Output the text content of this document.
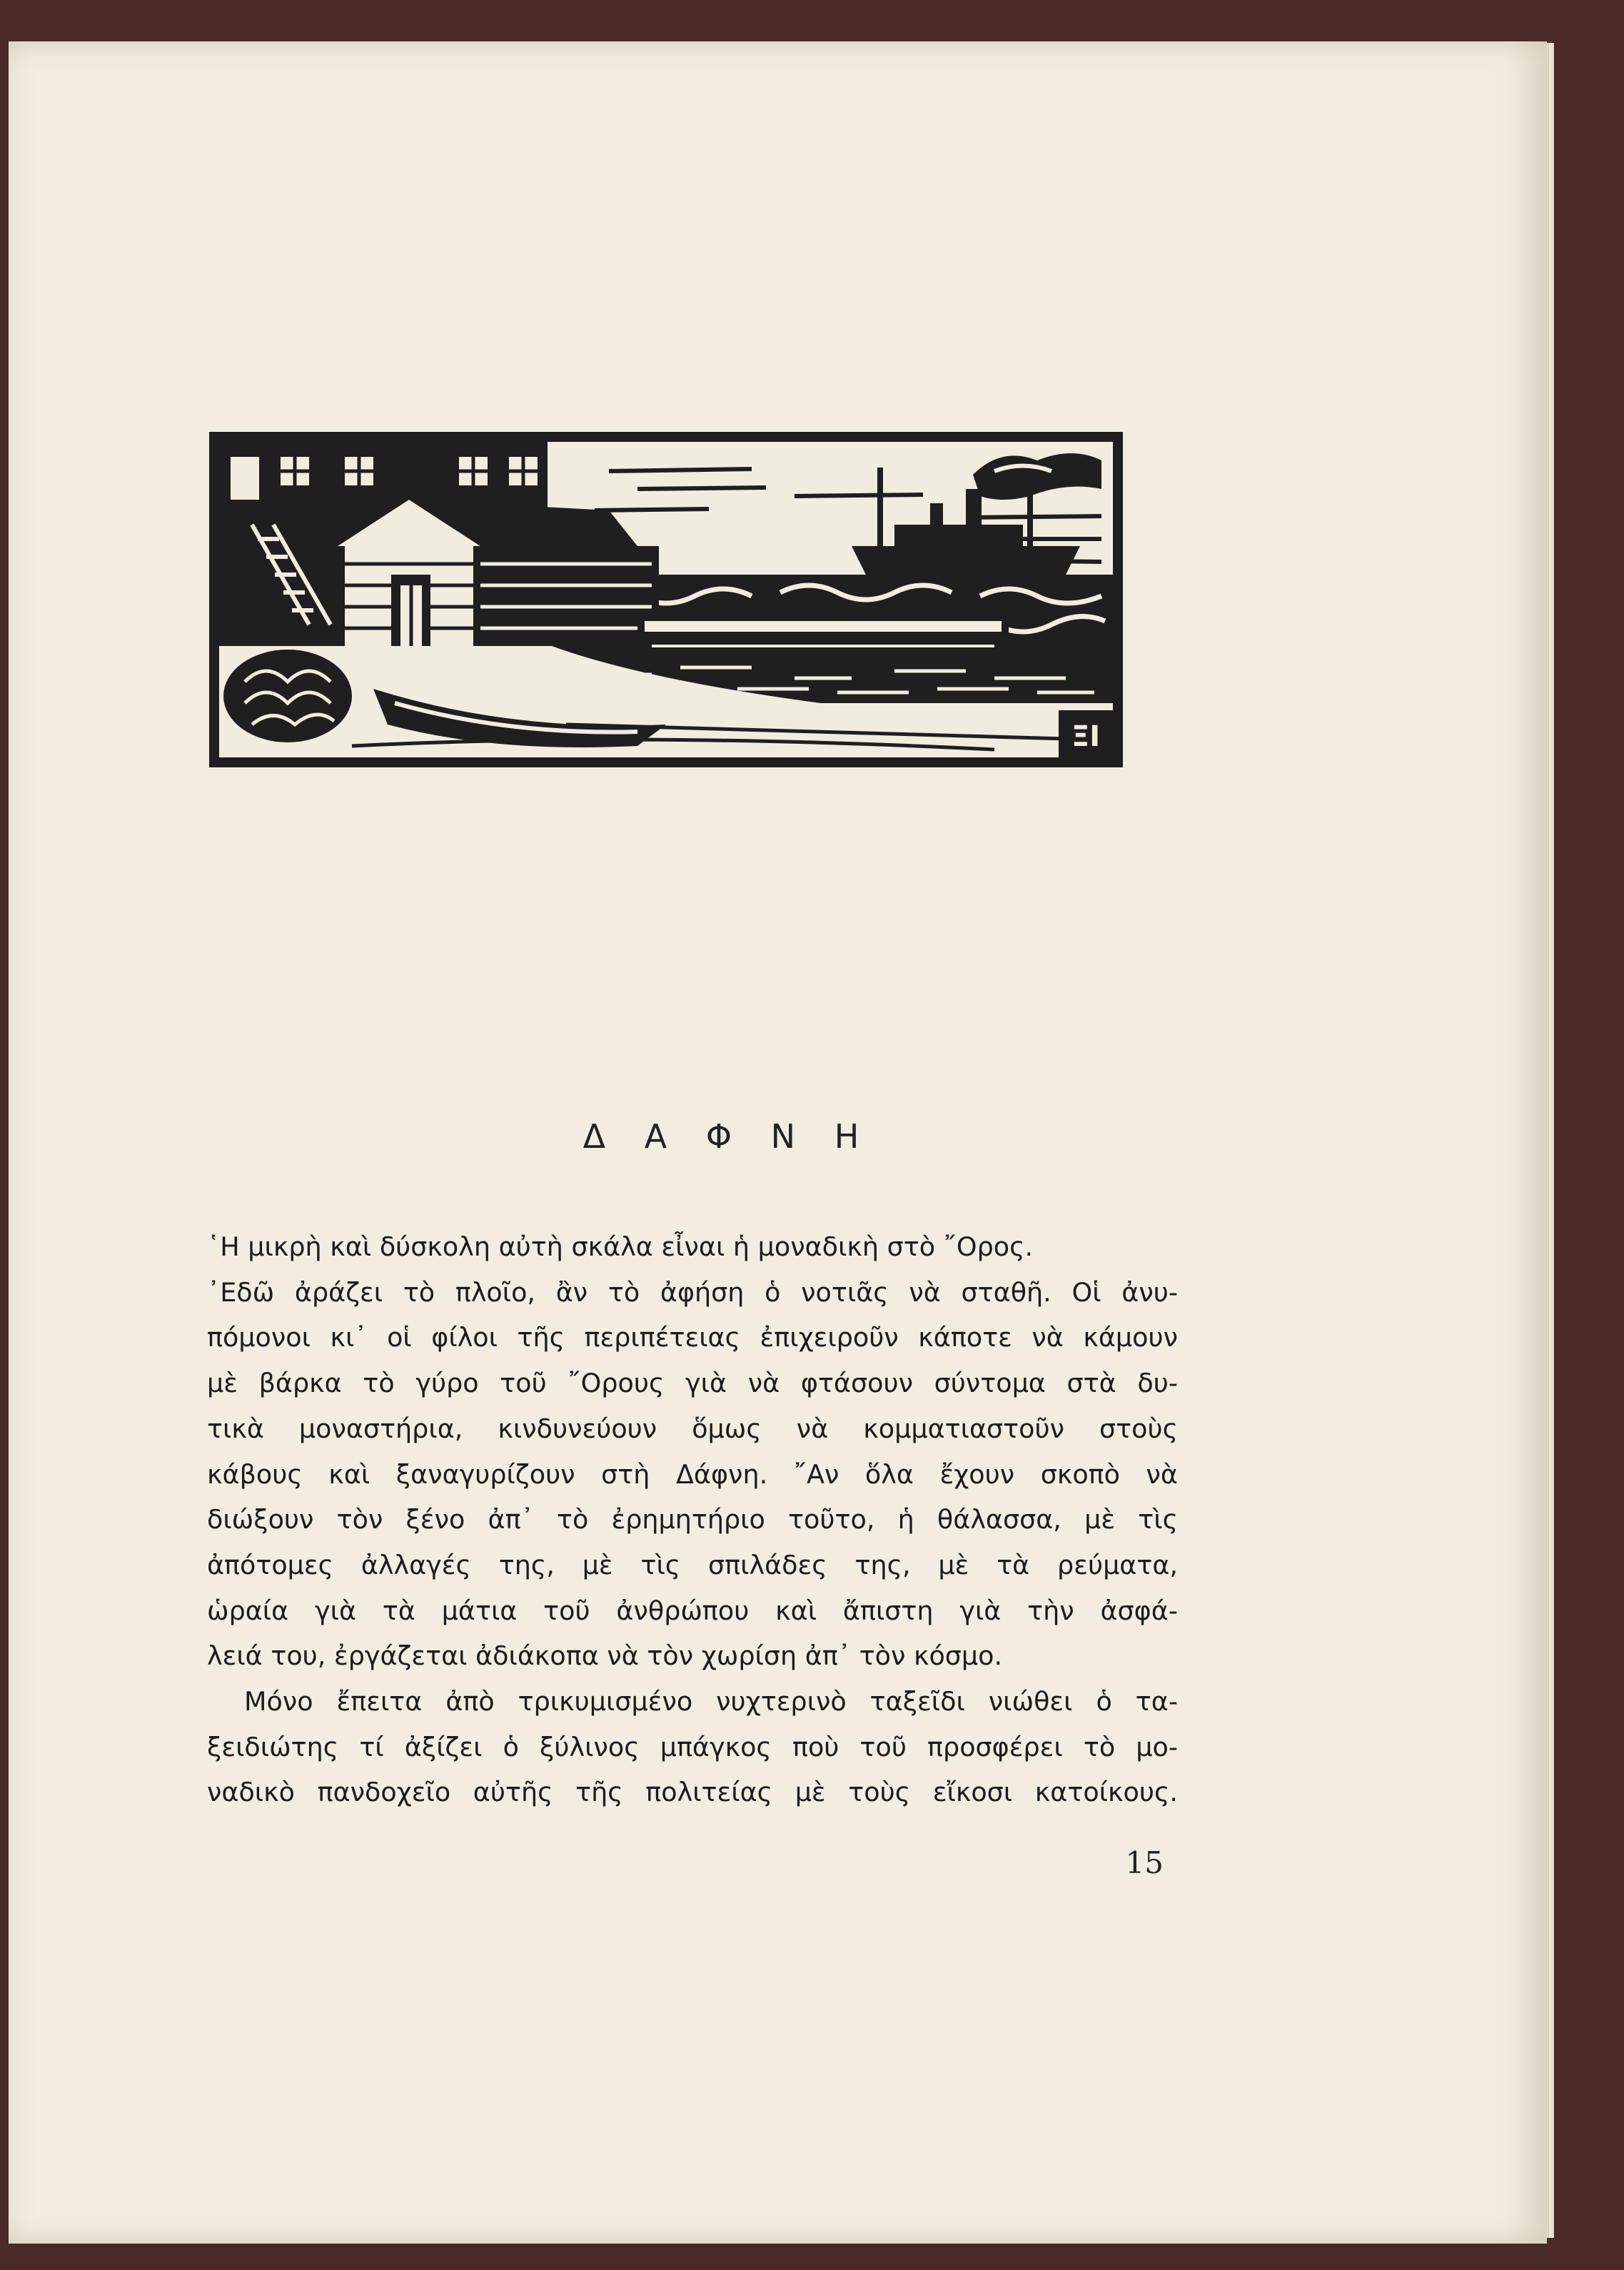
ΞΙ
Δ Α Φ Ν Η
῾Η μικρὴ καὶ δύσκολη αὐτὴ σκάλα εἶναι ἡ μοναδικὴ στὸ ῎Ορος.
᾽Εδῶ ἀράζει τὸ πλοῖο, ἂν τὸ ἀφήση ὁ νοτιᾶς νὰ σταθῆ. Οἱ ἀνυ-
πόμονοι κι᾽ οἱ φίλοι τῆς περιπέτειας ἐπιχειροῦν κάποτε νὰ κάμουν
μὲ βάρκα τὸ γύρο τοῦ ῎Ορους γιὰ νὰ φτάσουν σύντομα στὰ δυ-
τικὰ μοναστήρια, κινδυνεύουν ὅμως νὰ κομματιαστοῦν στοὺς
κάβους καὶ ξαναγυρίζουν στὴ Δάφνη. ῎Αν ὅλα ἔχουν σκοπὸ νὰ
διώξουν τὸν ξένο ἀπ᾽ τὸ ἐρημητήριο τοῦτο, ἡ θάλασσα, μὲ τὶς
ἀπότομες ἀλλαγές της, μὲ τὶς σπιλάδες της, μὲ τὰ ρεύματα,
ὡραία γιὰ τὰ μάτια τοῦ ἀνθρώπου καὶ ἄπιστη γιὰ τὴν ἀσφά-
λειά του, ἐργάζεται ἀδιάκοπα νὰ τὸν χωρίση ἀπ᾽ τὸν κόσμο.
Μόνο ἔπειτα ἀπὸ τρικυμισμένο νυχτερινὸ ταξεῖδι νιώθει ὁ τα-
ξειδιώτης τί ἀξίζει ὁ ξύλινος μπάγκος ποὺ τοῦ προσφέρει τὸ μο-
ναδικὸ πανδοχεῖο αὐτῆς τῆς πολιτείας μὲ τοὺς εἴκοσι κατοίκους.
15
